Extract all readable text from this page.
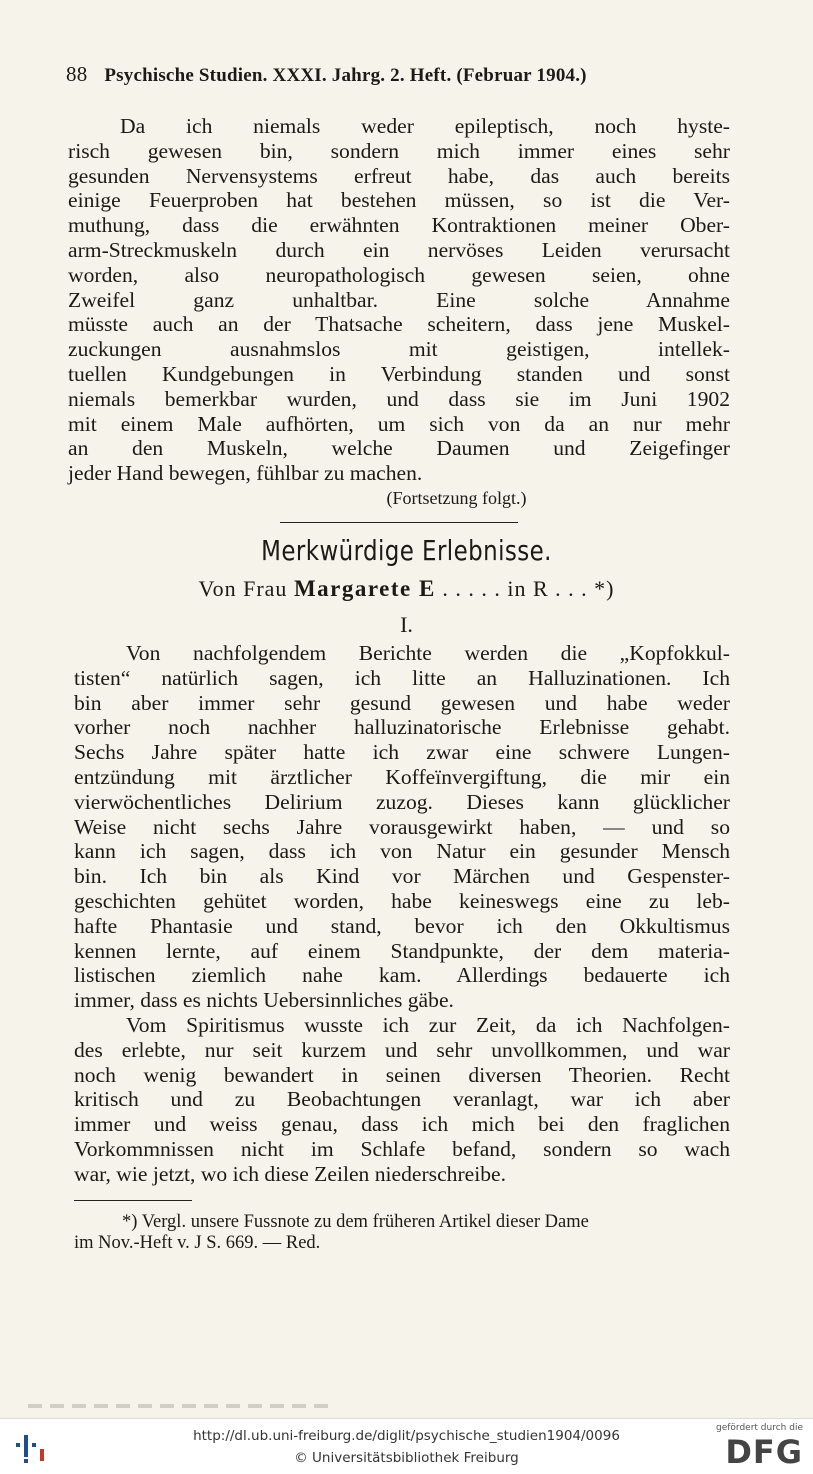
88 Psychische Studien. XXXI. Jahrg. 2. Heft. (Februar 1904.)
Da ich niemals weder epileptisch, noch hyste-
risch gewesen bin, sondern mich immer eines sehr
gesunden Nervensystems erfreut habe, das auch bereits
einige Feuerproben hat bestehen müssen, so ist die Ver-
muthung, dass die erwähnten Kontraktionen meiner Ober-
arm-Streckmuskeln durch ein nervöses Leiden verursacht
worden, also neuropathologisch gewesen seien, ohne
Zweifel ganz unhaltbar. Eine solche Annahme
müsste auch an der Thatsache scheitern, dass jene Muskel-
zuckungen ausnahmslos mit geistigen, intellek-
tuellen Kundgebungen in Verbindung standen und sonst
niemals bemerkbar wurden, und dass sie im Juni 1902
mit einem Male aufhörten, um sich von da an nur mehr
an den Muskeln, welche Daumen und Zeigefinger
jeder Hand bewegen, fühlbar zu machen.
(Fortsetzung folgt.)
Merkwürdige Erlebnisse.
Von Frau Margarete E . . . . . in R . . . *)
I.
Von nachfolgendem Berichte werden die „Kopfokkul-
tisten“ natürlich sagen, ich litte an Halluzinationen. Ich
bin aber immer sehr gesund gewesen und habe weder
vorher noch nachher halluzinatorische Erlebnisse gehabt.
Sechs Jahre später hatte ich zwar eine schwere Lungen-
entzündung mit ärztlicher Koffeïnvergiftung, die mir ein
vierwöchentliches Delirium zuzog. Dieses kann glücklicher
Weise nicht sechs Jahre vorausgewirkt haben, — und so
kann ich sagen, dass ich von Natur ein gesunder Mensch
bin. Ich bin als Kind vor Märchen und Gespenster-
geschichten gehütet worden, habe keineswegs eine zu leb-
hafte Phantasie und stand, bevor ich den Okkultismus
kennen lernte, auf einem Standpunkte, der dem materia-
listischen ziemlich nahe kam. Allerdings bedauerte ich
immer, dass es nichts Uebersinnliches gäbe.
Vom Spiritismus wusste ich zur Zeit, da ich Nachfolgen-
des erlebte, nur seit kurzem und sehr unvollkommen, und war
noch wenig bewandert in seinen diversen Theorien. Recht
kritisch und zu Beobachtungen veranlagt, war ich aber
immer und weiss genau, dass ich mich bei den fraglichen
Vorkommnissen nicht im Schlafe befand, sondern so wach
war, wie jetzt, wo ich diese Zeilen niederschreibe.
*) Vergl. unsere Fussnote zu dem früheren Artikel dieser Dame
im Nov.-Heft v. J S. 669. — Red.
http://dl.ub.uni-freiburg.de/diglit/psychische_studien1904/0096
© Universitätsbibliothek Freiburg
gefördert durch die
DFG
